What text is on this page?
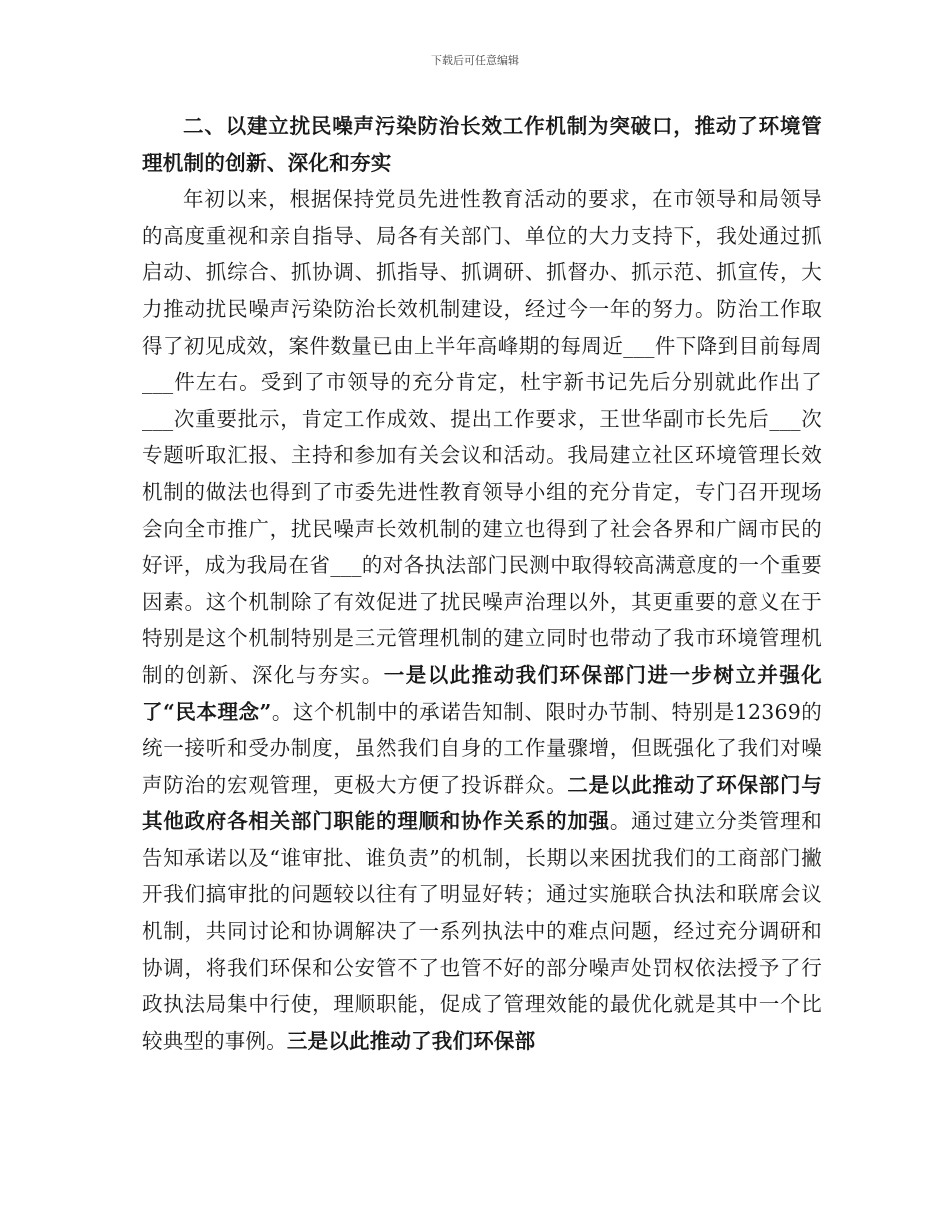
下载后可任意编辑

二、以建立扰民噪声污染防治长效工作机制为突破口，推动了环境管理机制的创新、深化和夯实

年初以来，根据保持党员先进性教育活动的要求，在市领导和局领导的高度重视和亲自指导、局各有关部门、单位的大力支持下，我处通过抓启动、抓综合、抓协调、抓指导、抓调研、抓督办、抓示范、抓宣传，大力推动扰民噪声污染防治长效机制建设，经过今一年的努力。防治工作取得了初见成效，案件数量已由上半年高峰期的每周近___件下降到目前每周___件左右。受到了市领导的充分肯定，杜宇新书记先后分别就此作出了___次重要批示，肯定工作成效、提出工作要求，王世华副市长先后___次专题听取汇报、主持和参加有关会议和活动。我局建立社区环境管理长效机制的做法也得到了市委先进性教育领导小组的充分肯定，专门召开现场会向全市推广，扰民噪声长效机制的建立也得到了社会各界和广阔市民的好评，成为我局在省___的对各执法部门民测中取得较高满意度的一个重要因素。这个机制除了有效促进了扰民噪声治理以外，其更重要的意义在于特别是这个机制特别是三元管理机制的建立同时也带动了我市环境管理机制的创新、深化与夯实。一是以此推动我们环保部门进一步树立并强化了“民本理念”。这个机制中的承诺告知制、限时办节制、特别是12369的统一接听和受办制度，虽然我们自身的工作量骤增，但既强化了我们对噪声防治的宏观管理，更极大方便了投诉群众。二是以此推动了环保部门与其他政府各相关部门职能的理顺和协作关系的加强。通过建立分类管理和告知承诺以及“谁审批、谁负责”的机制，长期以来困扰我们的工商部门撇开我们搞审批的问题较以往有了明显好转；通过实施联合执法和联席会议机制，共同讨论和协调解决了一系列执法中的难点问题，经过充分调研和协调，将我们环保和公安管不了也管不好的部分噪声处罚权依法授予了行政执法局集中行使，理顺职能，促成了管理效能的最优化就是其中一个比较典型的事例。三是以此推动了我们环保部
